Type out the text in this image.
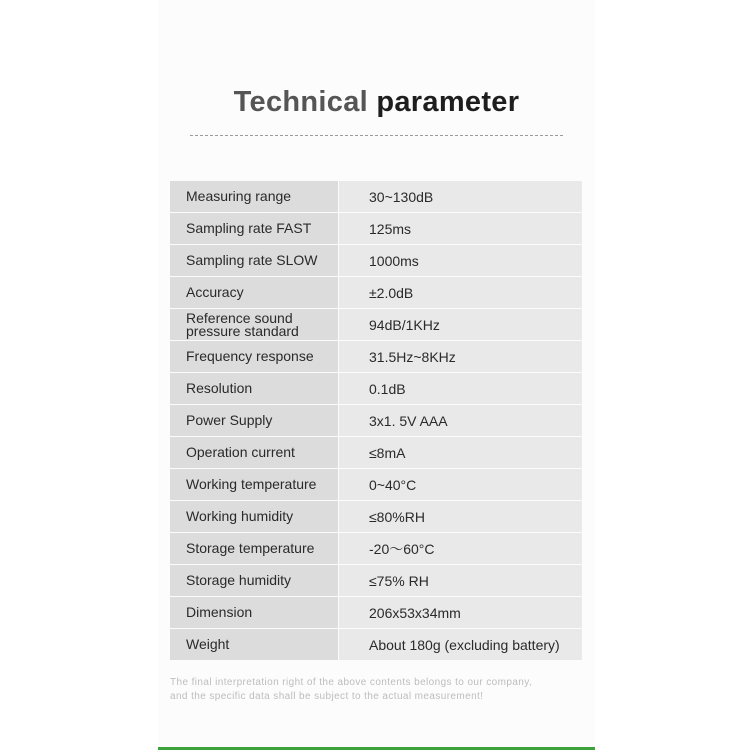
Technical parameter
Measuring range	30~130dB
Sampling rate FAST	125ms
Sampling rate SLOW	1000ms
Accuracy	±2.0dB
Reference sound pressure standard	94dB/1KHz
Frequency response	31.5Hz~8KHz
Resolution	0.1dB
Power Supply	3x1. 5V AAA
Operation current	≤8mA
Working temperature	0~40°C
Working humidity	≤80%RH
Storage temperature	-20〜60°C
Storage humidity	≤75% RH
Dimension	206x53x34mm
Weight	About 180g (excluding battery)

The final interpretation right of the above contents belongs to our company,
and the specific data shall be subject to the actual measurement!
